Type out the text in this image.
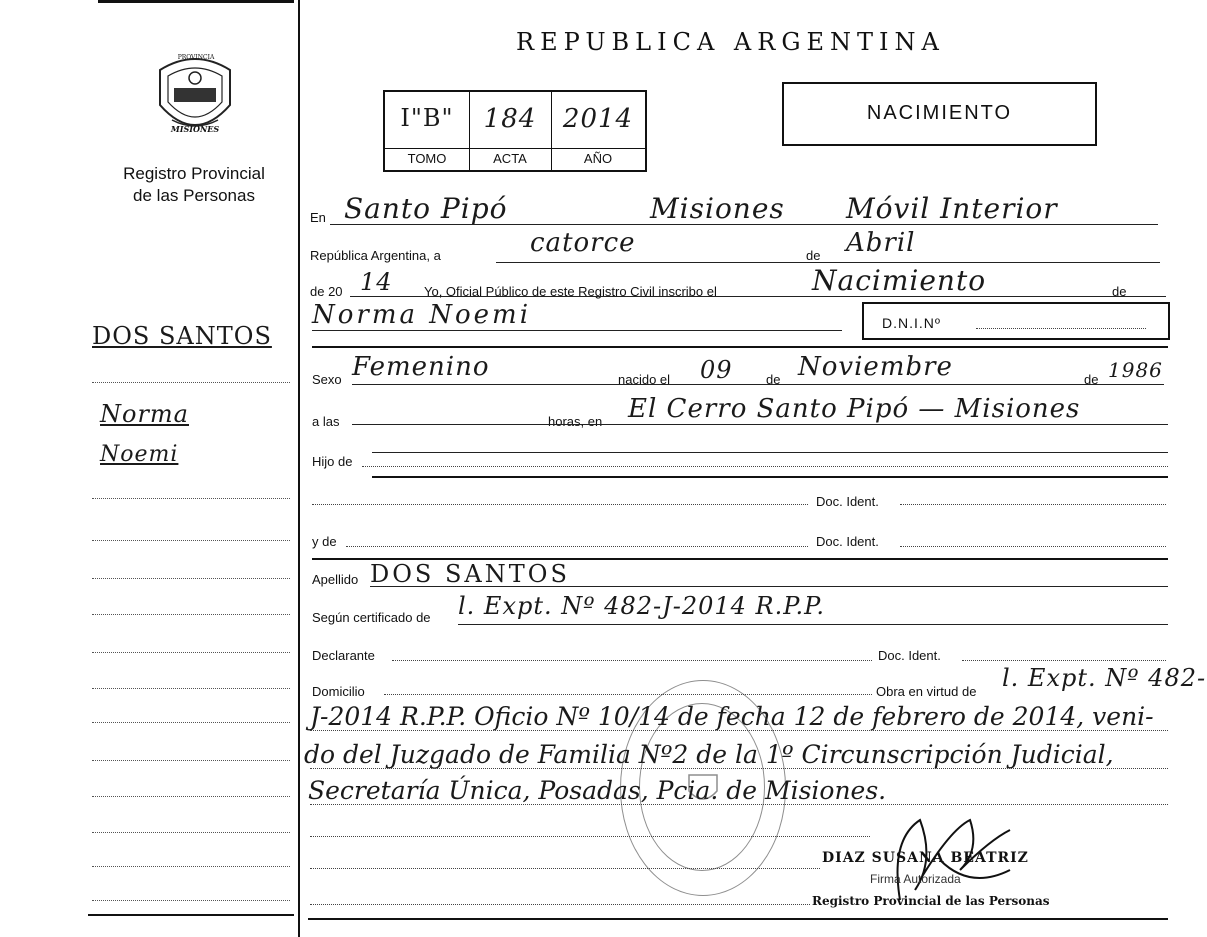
PROVINCIA
MISIONES
Registro Provincial
de las Personas
DOS SANTOS
Norma
Noemi
REPUBLICA ARGENTINA
I"B"	184	2014
TOMO	ACTA	AÑO
NACIMIENTO
En Santo Pipó	Misiones Móvil Interior
República Argentina, a	catorce	de Abril
de 20 14 Yo, Oficial Público de este Registro Civil inscribo el	Nacimiento	de
Norma Noemi	D.N.I.Nº
Sexo Femenino	nacido el 09	de Noviembre	de 1986
a las	horas, en El Cerro Santo Pipó — Misiones
Hijo de
Doc. Ident.
y de	Doc. Ident.
Apellido DOS SANTOS
Según certificado de l. Expt. Nº 482-J-2014 R.P.P.
Declarante	Doc. Ident.
Domicilio	Obra en virtud de l. Expt. Nº 482-
J-2014 R.P.P. Oficio Nº 10/14 de fecha 12 de febrero de 2014, veni-
do del Juzgado de Familia Nº2 de la 1º Circunscripción Judicial,
Secretaría Única, Posadas, Pcia. de Misiones.
DIAZ SUSANA BEATRIZ
Firma Autorizada
Registro Provincial de las Personas
